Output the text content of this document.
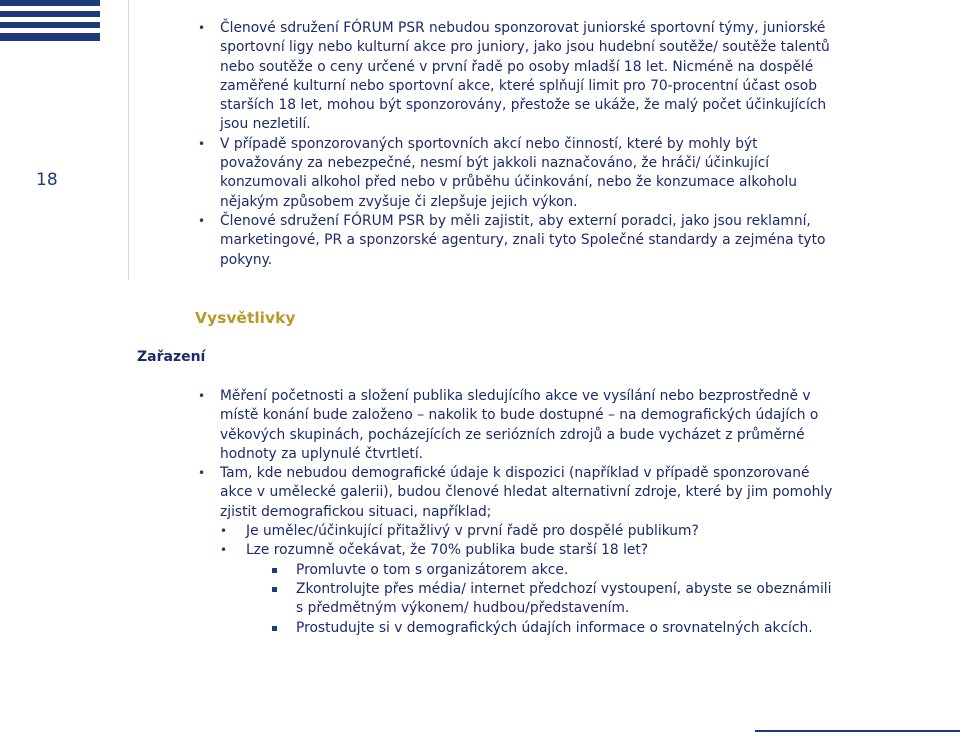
18
• Členové sdružení FÓRUM PSR nebudou sponzorovat juniorské sportovní týmy, juniorské sportovní ligy nebo kulturní akce pro juniory, jako jsou hudební soutěže/ soutěže talentů nebo soutěže o ceny určené v první řadě po osoby mladší 18 let. Nicméně na dospělé zaměřené kulturní nebo sportovní akce, které splňují limit pro 70-procentní účast osob starších 18 let, mohou být sponzorovány, přestože se ukáže, že malý počet účinkujících jsou nezletilí.
• V případě sponzorovaných sportovních akcí nebo činností, které by mohly být považovány za nebezpečné, nesmí být jakkoli naznačováno, že hráči/ účinkující konzumovali alkohol před nebo v průběhu účinkování, nebo že konzumace alkoholu nějakým způsobem zvyšuje či zlepšuje jejich výkon.
• Členové sdružení FÓRUM PSR by měli zajistit, aby externí poradci, jako jsou reklamní, marketingové, PR a sponzorské agentury, znali tyto Společné standardy a zejména tyto pokyny.
Vysvětlivky
Zařazení
• Měření početnosti a složení publika sledujícího akce ve vysílání nebo bezprostředně v místě konání bude založeno – nakolik to bude dostupné – na demografických údajích o věkových skupinách, pocházejících ze seriózních zdrojů a bude vycházet z průměrné hodnoty za uplynulé čtvrtletí.
• Tam, kde nebudou demografické údaje k dispozici (například v případě sponzorované akce v umělecké galerii), budou členové hledat alternativní zdroje, které by jim pomohly zjistit demografickou situaci, například;
• Je umělec/účinkující přitažlivý v první řadě pro dospělé publikum?
• Lze rozumně očekávat, že 70% publika bude starší 18 let?
Promluvte o tom s organizátorem akce.
Zkontrolujte přes média/ internet předchozí vystoupení, abyste se obeznámili s předmětným výkonem/ hudbou/představením.
Prostudujte si v demografických údajích informace o srovnatelných akcích.
